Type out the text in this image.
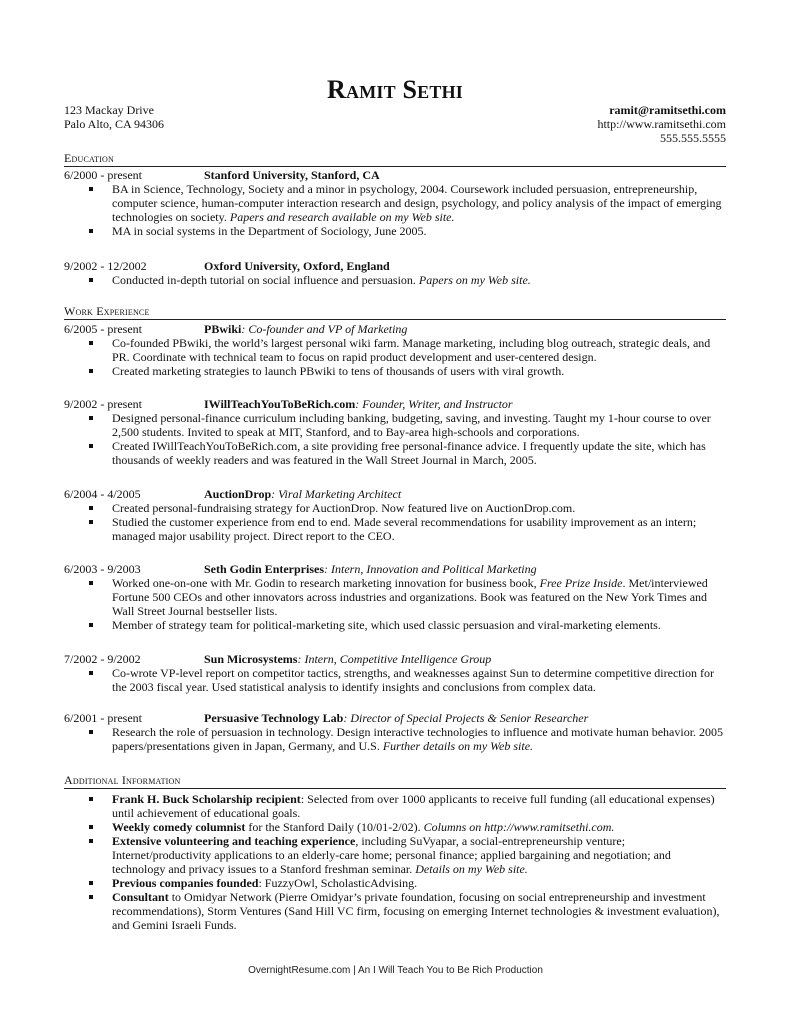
Ramit Sethi
123 Mackay Drive
Palo Alto, CA 94306
ramit@ramitsethi.com
http://www.ramitsethi.com
555.555.5555
Education
6/2000 - present	Stanford University, Stanford, CA
BA in Science, Technology, Society and a minor in psychology, 2004. Coursework included persuasion, entrepreneurship, computer science, human-computer interaction research and design, psychology, and policy analysis of the impact of emerging technologies on society. Papers and research available on my Web site.
MA in social systems in the Department of Sociology, June 2005.
9/2002 - 12/2002	Oxford University, Oxford, England
Conducted in-depth tutorial on social influence and persuasion. Papers on my Web site.
Work Experience
6/2005 - present	PBwiki: Co-founder and VP of Marketing
Co-founded PBwiki, the world’s largest personal wiki farm. Manage marketing, including blog outreach, strategic deals, and PR. Coordinate with technical team to focus on rapid product development and user-centered design.
Created marketing strategies to launch PBwiki to tens of thousands of users with viral growth.
9/2002 - present	IWillTeachYouToBeRich.com: Founder, Writer, and Instructor
Designed personal-finance curriculum including banking, budgeting, saving, and investing. Taught my 1-hour course to over 2,500 students. Invited to speak at MIT, Stanford, and to Bay-area high-schools and corporations.
Created IWillTeachYouToBeRich.com, a site providing free personal-finance advice. I frequently update the site, which has thousands of weekly readers and was featured in the Wall Street Journal in March, 2005.
6/2004 - 4/2005	AuctionDrop: Viral Marketing Architect
Created personal-fundraising strategy for AuctionDrop. Now featured live on AuctionDrop.com.
Studied the customer experience from end to end. Made several recommendations for usability improvement as an intern; managed major usability project. Direct report to the CEO.
6/2003 - 9/2003	Seth Godin Enterprises: Intern, Innovation and Political Marketing
Worked one-on-one with Mr. Godin to research marketing innovation for business book, Free Prize Inside. Met/interviewed Fortune 500 CEOs and other innovators across industries and organizations. Book was featured on the New York Times and Wall Street Journal bestseller lists.
Member of strategy team for political-marketing site, which used classic persuasion and viral-marketing elements.
7/2002 - 9/2002	Sun Microsystems: Intern, Competitive Intelligence Group
Co-wrote VP-level report on competitor tactics, strengths, and weaknesses against Sun to determine competitive direction for the 2003 fiscal year. Used statistical analysis to identify insights and conclusions from complex data.
6/2001 - present	Persuasive Technology Lab: Director of Special Projects & Senior Researcher
Research the role of persuasion in technology. Design interactive technologies to influence and motivate human behavior. 2005 papers/presentations given in Japan, Germany, and U.S. Further details on my Web site.
Additional Information
Frank H. Buck Scholarship recipient: Selected from over 1000 applicants to receive full funding (all educational expenses) until achievement of educational goals.
Weekly comedy columnist for the Stanford Daily (10/01-2/02). Columns on http://www.ramitsethi.com.
Extensive volunteering and teaching experience, including SuVyapar, a social-entrepreneurship venture; Internet/productivity applications to an elderly-care home; personal finance; applied bargaining and negotiation; and technology and privacy issues to a Stanford freshman seminar. Details on my Web site.
Previous companies founded: FuzzyOwl, ScholasticAdvising.
Consultant to Omidyar Network (Pierre Omidyar’s private foundation, focusing on social entrepreneurship and investment recommendations), Storm Ventures (Sand Hill VC firm, focusing on emerging Internet technologies & investment evaluation), and Gemini Israeli Funds.
OvernightResume.com | An I Will Teach You to Be Rich Production
